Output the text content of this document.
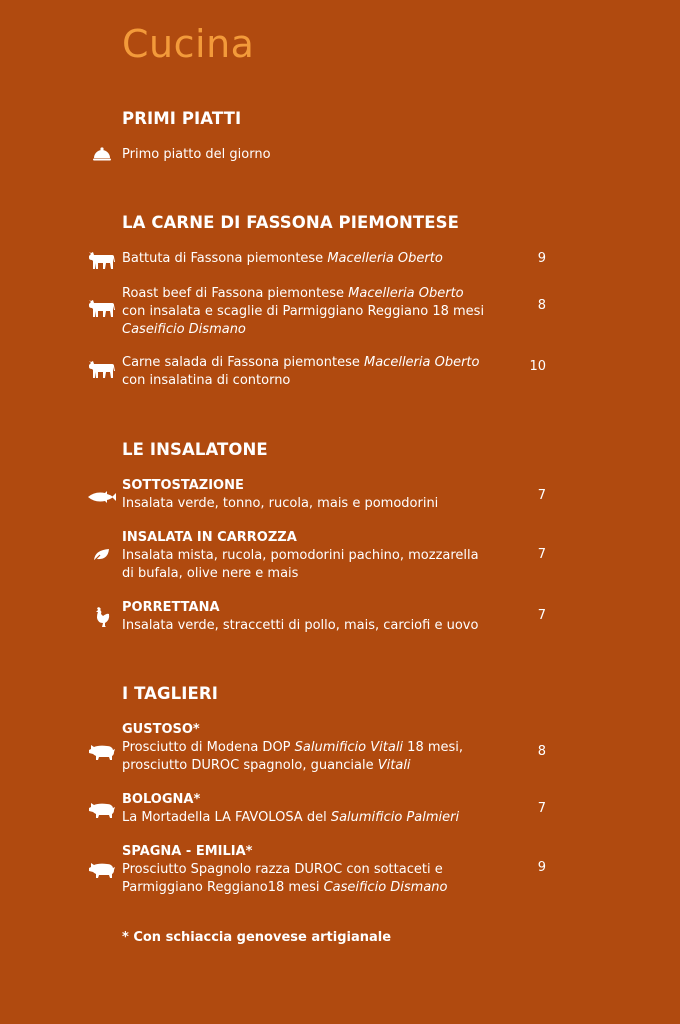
Cucina
PRIMI PIATTI
Primo piatto del giorno
LA CARNE DI FASSONA PIEMONTESE
Battuta di Fassona piemontese Macelleria Oberto	9
Roast beef di Fassona piemontese Macelleria Oberto
con insalata e scaglie di Parmiggiano Reggiano 18 mesi
Caseificio Dismano
8
Carne salada di Fassona piemontese Macelleria Oberto
con insalatina di contorno
10
LE INSALATONE
SOTTOSTAZIONE
Insalata verde, tonno, rucola, mais e pomodorini
7
INSALATA IN CARROZZA
Insalata mista, rucola, pomodorini pachino, mozzarella
di bufala, olive nere e mais
7
PORRETTANA
Insalata verde, straccetti di pollo, mais, carciofi e uovo
7
I TAGLIERI
GUSTOSO*
Prosciutto di Modena DOP Salumificio Vitali 18 mesi,
prosciutto DUROC spagnolo, guanciale Vitali
8
BOLOGNA*
La Mortadella LA FAVOLOSA del Salumificio Palmieri
7
SPAGNA - EMILIA*
Prosciutto Spagnolo razza DUROC con sottaceti e
Parmiggiano Reggiano18 mesi Caseificio Dismano
9
* Con schiaccia genovese artigianale
